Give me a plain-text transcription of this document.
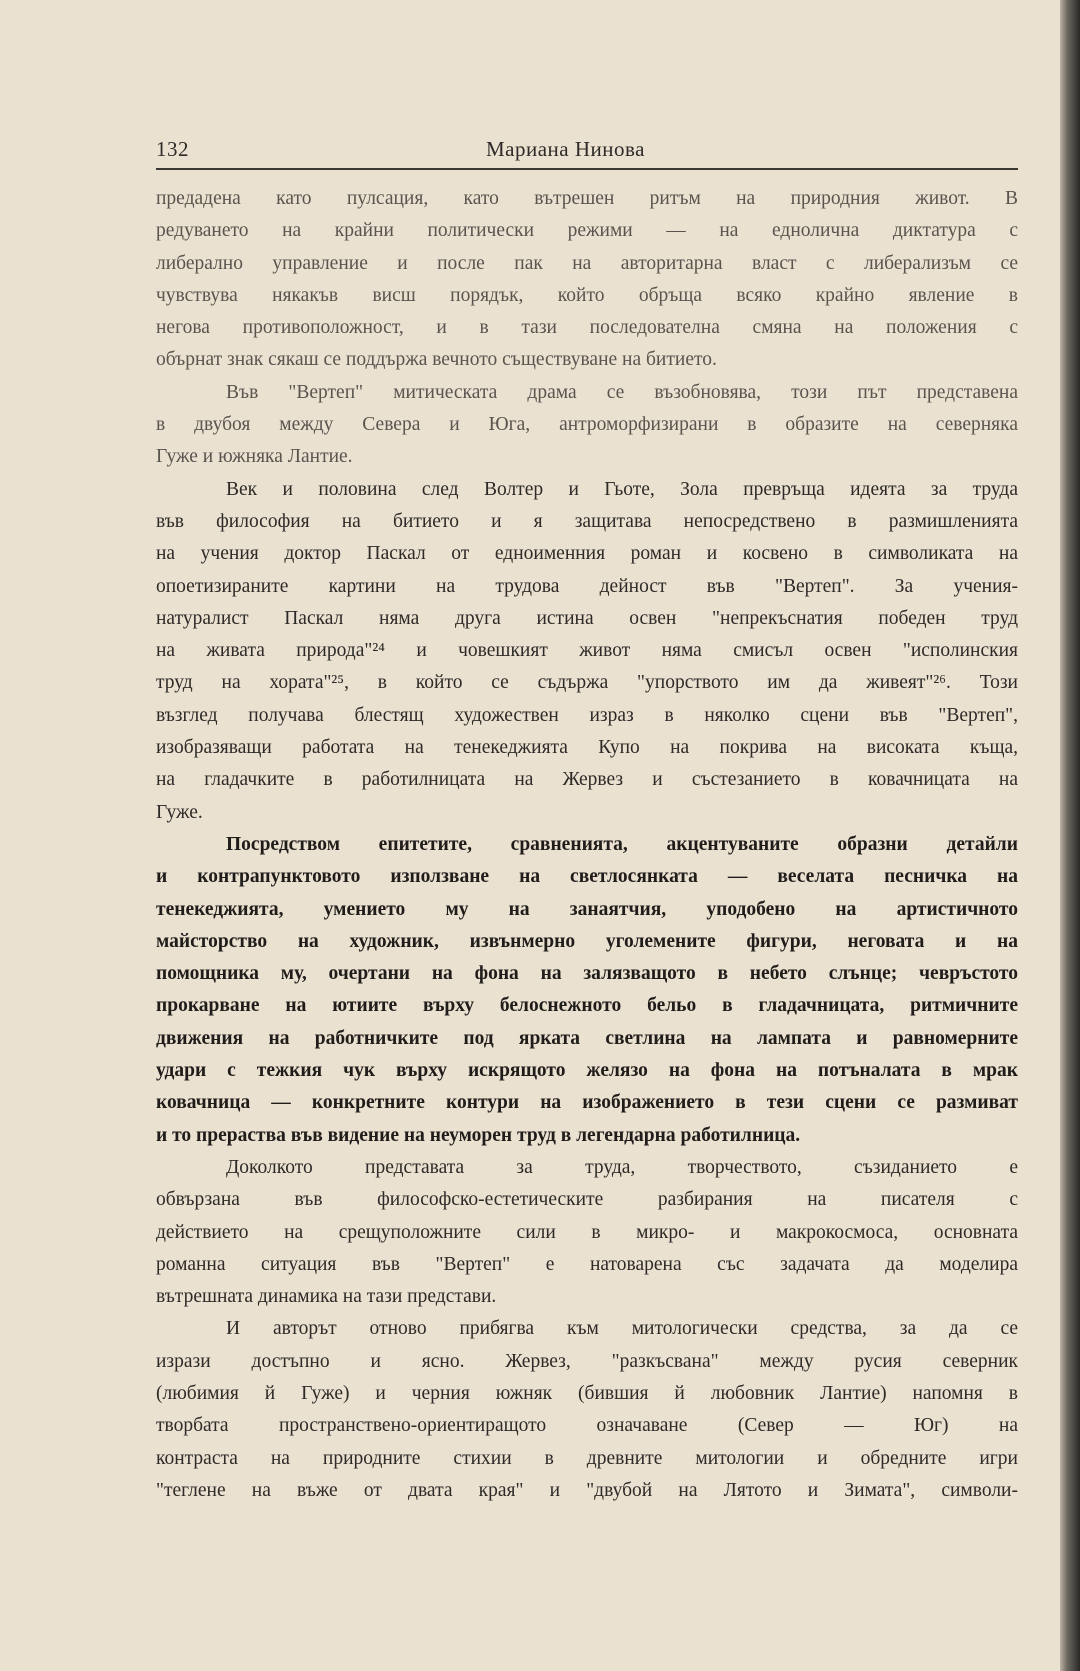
132	Мариана Нинова
предадена като пулсация, като вътрешен ритъм на природния живот. В
редуването на крайни политически режими — на еднолична диктатура с
либерално управление и после пак на авторитарна власт с либерализъм се
чувствува някакъв висш порядък, който обръща всяко крайно явление в
негова противоположност, и в тази последователна смяна на положения с
обърнат знак сякаш се поддържа вечното съществуване на битието.
Във "Вертеп" митическата драма се възобновява, този път представена
в двубоя между Севера и Юга, антроморфизирани в образите на северняка
Гуже и южняка Лантие.
Век и половина след Волтер и Гьоте, Зола превръща идеята за труда
във философия на битието и я защитава непосредствено в размишленията
на учения доктор Паскал от едноименния роман и косвено в символиката на
опоетизираните картини на трудова дейност във "Вертеп". За учения-
натуралист Паскал няма друга истина освен "непрекъснатия победен труд
на живата природа"²⁴ и човешкият живот няма смисъл освен "исполинския
труд на хората"²⁵, в който се съдържа "упорството им да живеят"²⁶. Този
възглед получава блестящ художествен израз в няколко сцени във "Вертеп",
изобразяващи работата на тенекеджията Купо на покрива на високата къща,
на гладачките в работилницата на Жервез и състезанието в ковачницата на
Гуже.
Посредством епитетите, сравненията, акцентуваните образни детайли
и контрапунктовото използване на светлосянката — веселата песничка на
тенекеджията, умението му на занаятчия, уподобено на артистичното
майсторство на художник, извънмерно уголемените фигури, неговата и на
помощника му, очертани на фона на залязващото в небето слънце; чевръстото
прокарване на ютиите върху белоснежното бельо в гладачницата, ритмичните
движения на работничките под ярката светлина на лампата и равномерните
удари с тежкия чук върху искрящото желязо на фона на потъналата в мрак
ковачница — конкретните контури на изображението в тези сцени се размиват
и то прераства във видение на неуморен труд в легендарна работилница.
Доколкото представата за труда, творчеството, съзиданието е
обвързана във философско-естетическите разбирания на писателя с
действието на срещуположните сили в микро- и макрокосмоса, основната
романна ситуация във "Вертеп" е натоварена със задачата да моделира
вътрешната динамика на тази представи.
И авторът отново прибягва към митологически средства, за да се
изрази достъпно и ясно. Жервез, "разкъсвана" между русия северник
(любимия й Гуже) и черния южняк (бившия й любовник Лантие) напомня в
творбата пространствено-ориентиращото означаване (Север — Юг) на
контраста на природните стихии в древните митологии и обредните игри
"теглене на въже от двата края" и "двубой на Лятото и Зимата", символи-
